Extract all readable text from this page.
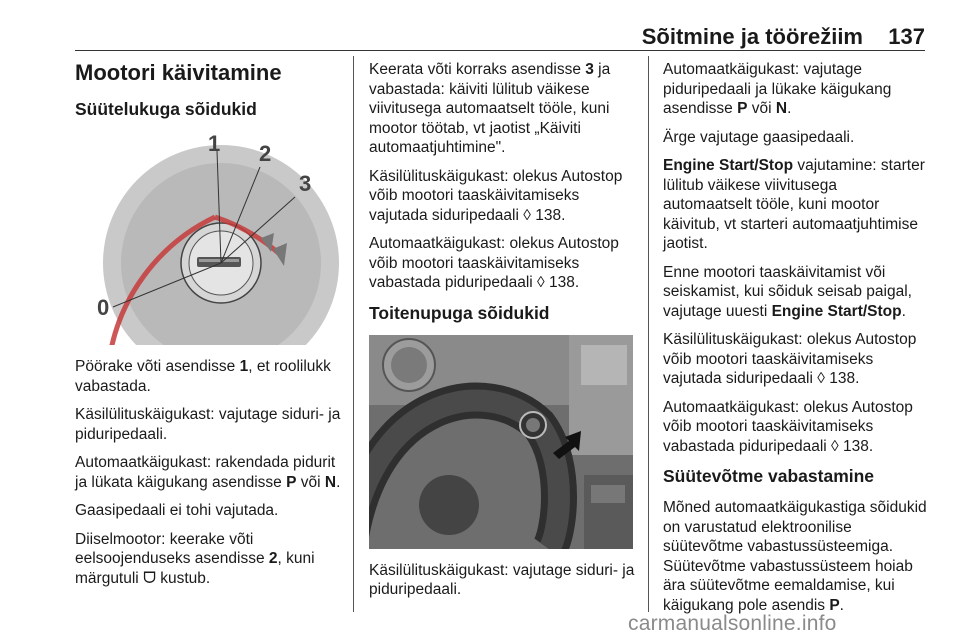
Sõitmine ja töörežiim 137
Mootori käivitamine
Süütelukuga sõidukid
1 2
3
0

Pöörake võti asendisse 1, et roolilukk vabastada.

Käsilülituskäigukast: vajutage siduri- ja piduripedaali.

Automaatkäigukast: rakendada pidurit ja lükata käigukang asendisse P või N.

Gaasipedaali ei tohi vajutada.

Diiselmootor: keerake võti eelsoojenduseks asendisse 2, kuni märgutuli ᗜ kustub.

Keerata võti korraks asendisse 3 ja vabastada: käiviti lülitub väikese viivitusega automaatselt tööle, kuni mootor töötab, vt jaotist „Käiviti automaatjuhtimine".

Käsilülituskäigukast: olekus Autostop võib mootori taaskäivitamiseks vajutada siduripedaali ◊ 138.

Automaatkäigukast: olekus Autostop võib mootori taaskäivitamiseks vabastada piduripedaali ◊ 138.

Toitenupuga sõidukid

Käsilülituskäigukast: vajutage siduri- ja piduripedaali.

Automaatkäigukast: vajutage piduripedaali ja lükake käigukang asendisse P või N.

Ärge vajutage gaasipedaali.

Engine Start/Stop vajutamine: starter lülitub väikese viivitusega automaatselt tööle, kuni mootor käivitub, vt starteri automaatjuhtimise jaotist.

Enne mootori taaskäivitamist või seiskamist, kui sõiduk seisab paigal, vajutage uuesti Engine Start/Stop.

Käsilülituskäigukast: olekus Autostop võib mootori taaskäivitamiseks vajutada siduripedaali ◊ 138.

Automaatkäigukast: olekus Autostop võib mootori taaskäivitamiseks vabastada piduripedaali ◊ 138.

Süütevõtme vabastamine

Mõned automaatkäigukastiga sõidukid on varustatud elektroonilise süütevõtme vabastussüsteemiga. Süütevõtme vabastussüsteem hoiab ära süütevõtme eemaldamise, kui käigukang pole asendis P.

carmanualsonline.info
